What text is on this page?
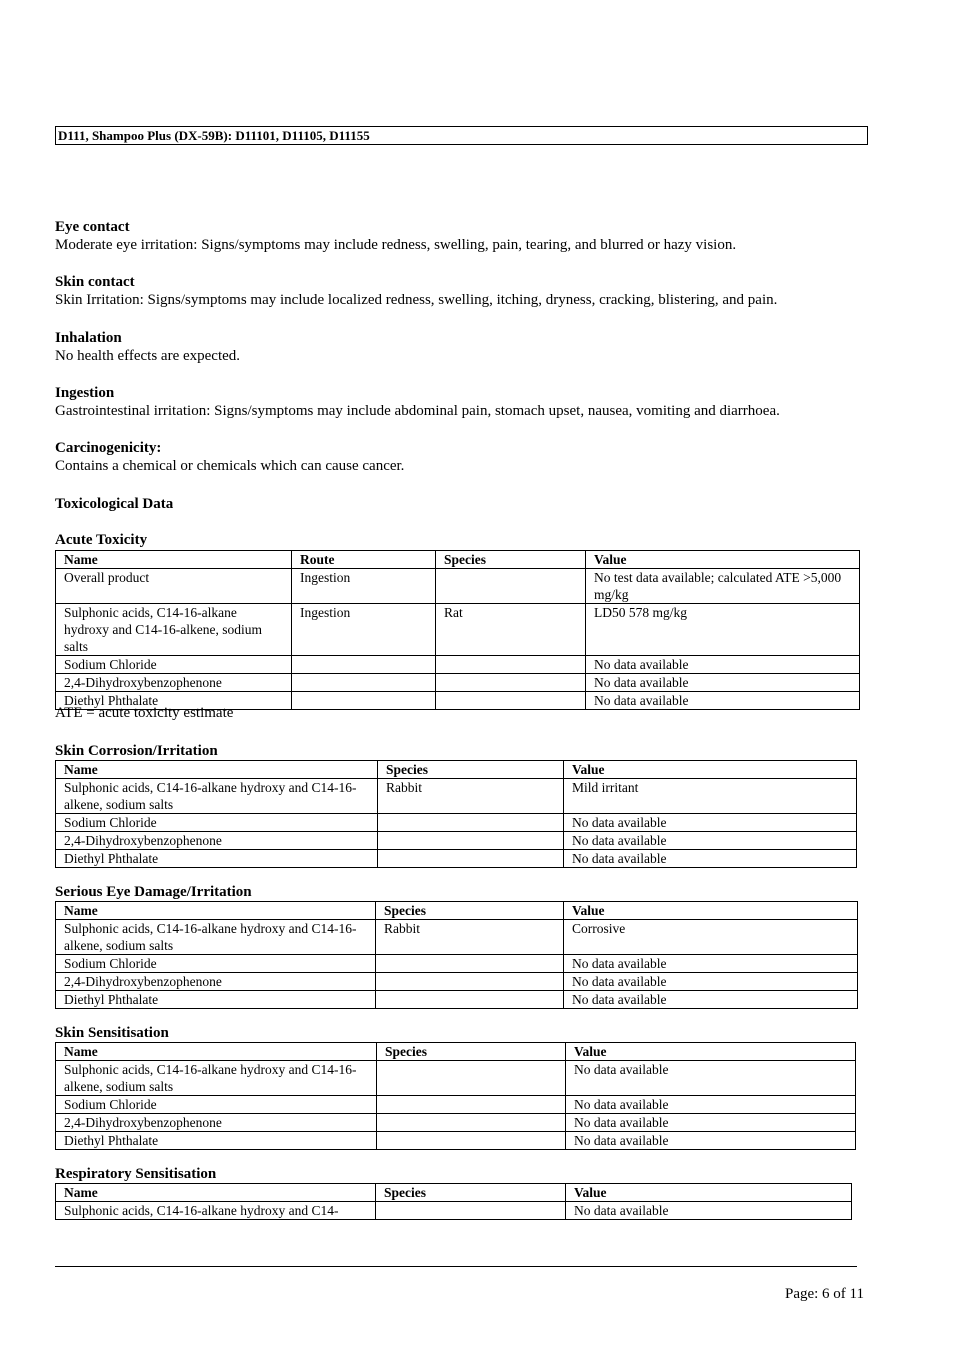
D111, Shampoo Plus (DX-59B): D11101, D11105, D11155
Eye contact
Moderate eye irritation: Signs/symptoms may include redness, swelling, pain, tearing, and blurred or hazy vision.
Skin contact
Skin Irritation: Signs/symptoms may include localized redness, swelling, itching, dryness, cracking, blistering, and pain.
Inhalation
No health effects are expected.
Ingestion
Gastrointestinal irritation: Signs/symptoms may include abdominal pain, stomach upset, nausea, vomiting and diarrhoea.
Carcinogenicity:
Contains a chemical or chemicals which can cause cancer.
Toxicological Data
Acute Toxicity
Name	Route	Species	Value
Overall product	Ingestion		No test data available; calculated ATE >5,000 mg/kg
Sulphonic acids, C14-16-alkane hydroxy and C14-16-alkene, sodium salts	Ingestion	Rat	LD50 578 mg/kg
Sodium Chloride			No data available
2,4-Dihydroxybenzophenone			No data available
Diethyl Phthalate			No data available
ATE = acute toxicity estimate
Skin Corrosion/Irritation
Name	Species	Value
Sulphonic acids, C14-16-alkane hydroxy and C14-16-alkene, sodium salts	Rabbit	Mild irritant
Sodium Chloride		No data available
2,4-Dihydroxybenzophenone		No data available
Diethyl Phthalate		No data available
Serious Eye Damage/Irritation
Name	Species	Value
Sulphonic acids, C14-16-alkane hydroxy and C14-16-alkene, sodium salts	Rabbit	Corrosive
Sodium Chloride		No data available
2,4-Dihydroxybenzophenone		No data available
Diethyl Phthalate		No data available
Skin Sensitisation
Name	Species	Value
Sulphonic acids, C14-16-alkane hydroxy and C14-16-alkene, sodium salts		No data available
Sodium Chloride		No data available
2,4-Dihydroxybenzophenone		No data available
Diethyl Phthalate		No data available
Respiratory Sensitisation
Name	Species	Value
Sulphonic acids, C14-16-alkane hydroxy and C14-		No data available
Page: 6 of 11
